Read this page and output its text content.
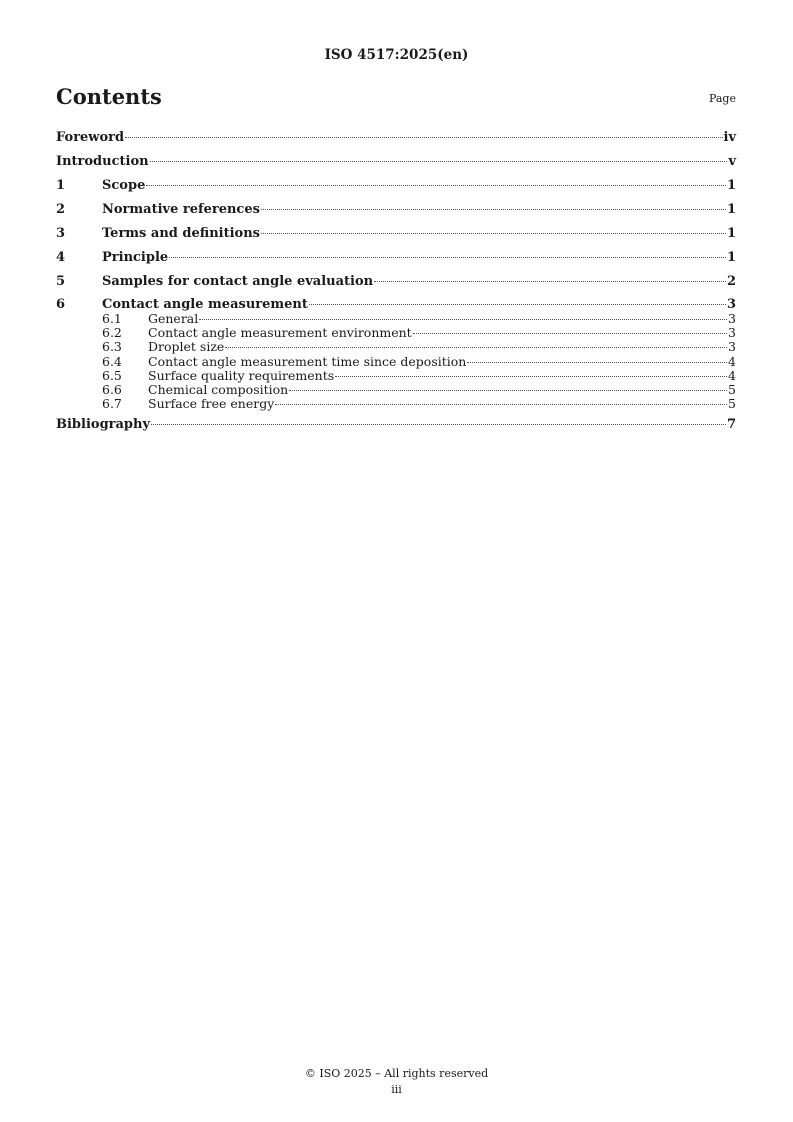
ISO 4517:2025(en)
Contents	Page
Foreword	iv
Introduction	v
1	Scope	1
2	Normative references	1
3	Terms and definitions	1
4	Principle	1
5	Samples for contact angle evaluation	2
6	Contact angle measurement	3
6.1	General	3
6.2	Contact angle measurement environment	3
6.3	Droplet size	3
6.4	Contact angle measurement time since deposition	4
6.5	Surface quality requirements	4
6.6	Chemical composition	5
6.7	Surface free energy	5
Bibliography	7
© ISO 2025 – All rights reserved
iii
